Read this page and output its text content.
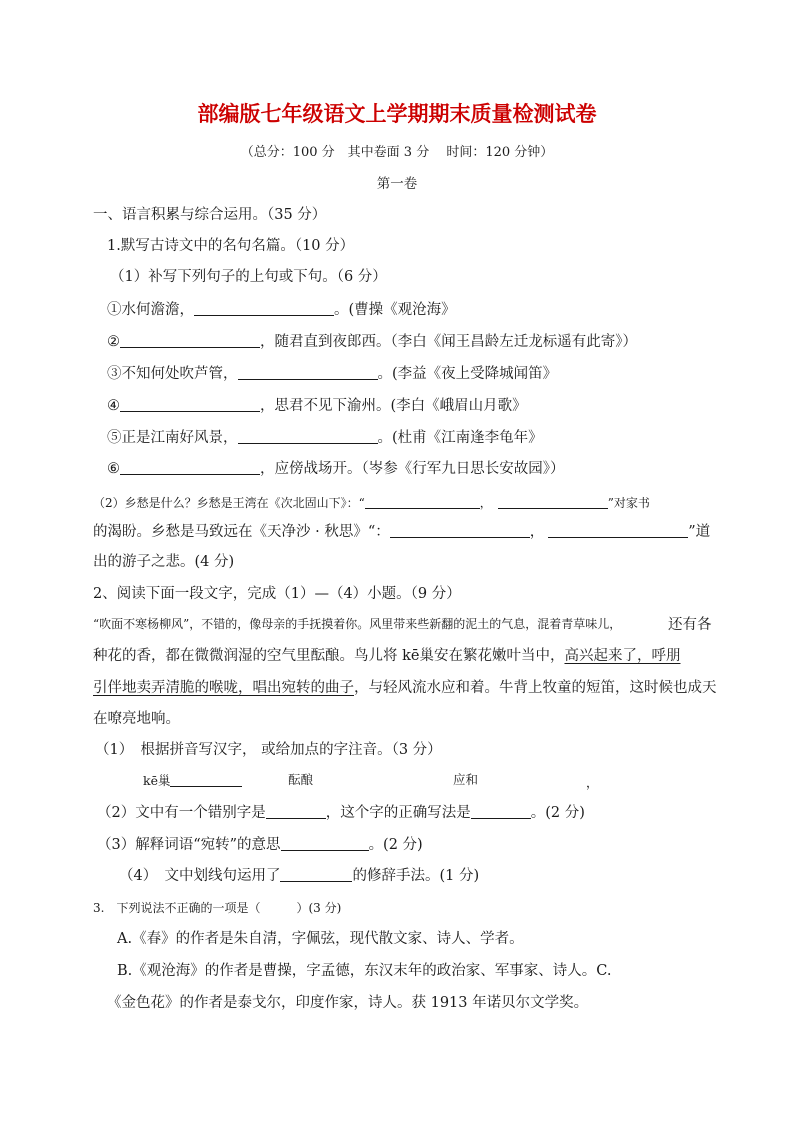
部编版七年级语文上学期期末质量检测试卷
（总分：100 分　其中卷面 3 分　 时间：120 分钟）
第一卷
一、语言积累与综合运用。（35 分）
1.默写古诗文中的名句名篇。（10 分）
（1）补写下列句子的上句或下句。（6 分）
①水何澹澹，	。(曹操《观沧海》
②	，随君直到夜郎西。（李白《闻王昌龄左迁龙标遥有此寄》）
③不知何处吹芦管，	。(李益《夜上受降城闻笛》
④	，思君不见下渝州。(李白《峨眉山月歌》
⑤正是江南好风景，	。(杜甫《江南逢李龟年》
⑥	，应傍战场开。（岑参《行军九日思长安故园》）
（2）乡愁是什么？乡愁是王湾在《次北固山下》：“	，	”对家书
的渴盼。乡愁是马致远在《天净沙 · 秋思》“：	，	”道
出的游子之悲。(4 分)
2、阅读下面一段文字，完成（1）—（4）小题。（9 分）
“吹面不寒杨柳风”，不错的，像母亲的手抚摸着你。风里带来些新翻的泥土的气息，混着青草味儿，	还有各
种花的香，都在微微润湿的空气里酝酿。鸟儿将 kē巢安在繁花嫩叶当中，高兴起来了，呼朋
引伴地卖弄清脆的喉咙，唱出宛转的曲子，与轻风流水应和着。牛背上牧童的短笛，这时候也成天
在嘹亮地响。
（1）　根据拼音写汉字， 或给加点的字注音。（3 分）
kē巢	酝酿	应和	，
（2）文中有一个错别字是	，这个字的正确写法是	。(2 分)
（3）解释词语“宛转”的意思	。(2 分)
（4）　文中划线句运用了	的修辞手法。(1 分)
3.　下列说法不正确的一项是（　　　）(3 分)
A.《春》的作者是朱自清，字佩弦，现代散文家、诗人、学者。
B.《观沧海》的作者是曹操，字孟德，东汉末年的政治家、军事家、诗人。C.
《金色花》的作者是泰戈尔，印度作家，诗人。获 1913 年诺贝尔文学奖。
